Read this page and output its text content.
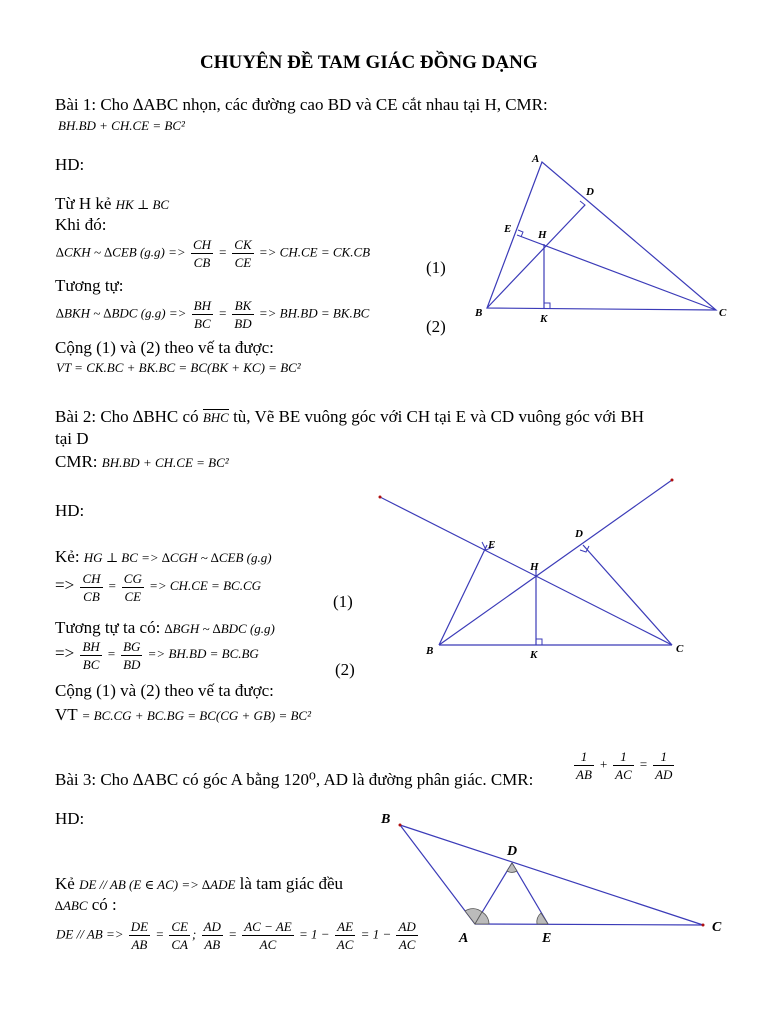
CHUYÊN ĐỀ TAM GIÁC ĐỒNG DẠNG
Bài 1: Cho ∆ABC nhọn, các đường cao BD và CE cắt nhau tại H, CMR:
BH.BD + CH.CE = BC²
HD:
Từ H kẻ HK ⊥ BC
Khi đó:
∆CKH ~ ∆CEB $(g.g) => \frac{CH}{CB} = \frac{CK}{CE} => CH.CE = CK.CB$
(1)
Tương tự:
∆BKH ~ ∆BDC $(g.g) => \frac{BH}{BC} = \frac{BK}{BD} => BH.BD = BK.BC$
(2)
Cộng (1) và (2) theo vế ta được:
VT = CK.BC + BK.BC = BC(BK + KC) = BC²
A
D
E H
B	K	C
Bài 2: Cho ∆BHC có BHC tù, Vẽ BE vuông góc với CH tại E và CD vuông góc với BH
tại D
CMR: BH.BD + CH.CE = BC²
HD:
Kẻ: HG ⊥ BC => ∆CGH ~ ∆CEB (g.g)
=> $\frac{CH}{CB} = \frac{CG}{CE} => CH.CE = BC.CG$
(1)
Tương tự ta có: ∆BGH ~ ∆BDC (g.g)
=> $\frac{BH}{BC} = \frac{BG}{BD} => BH.BD = BC.BG$
(2)
Cộng (1) và (2) theo vế ta được:
VT = BC.CG + BC.BG = BC(CG + GB) = BC²
E
D
H
B	K	C
Bài 3: Cho ∆ABC có góc A bằng 120⁰, AD là đường phân giác. CMR:	$\frac{1}{AB} + \frac{1}{AC} = \frac{1}{AD}$
HD:
Kẻ DE // AB (E ∈ AC) => ∆ADE là tam giác đều
∆ABC có :
DE // AB => $\frac{DE}{AB} = \frac{CE}{CA}$ ; $\frac{AD}{AB} = \frac{AC - AE}{AC} = 1 - \frac{AE}{AC} = 1 - \frac{AD}{AC}$
B
D
A	E
C
